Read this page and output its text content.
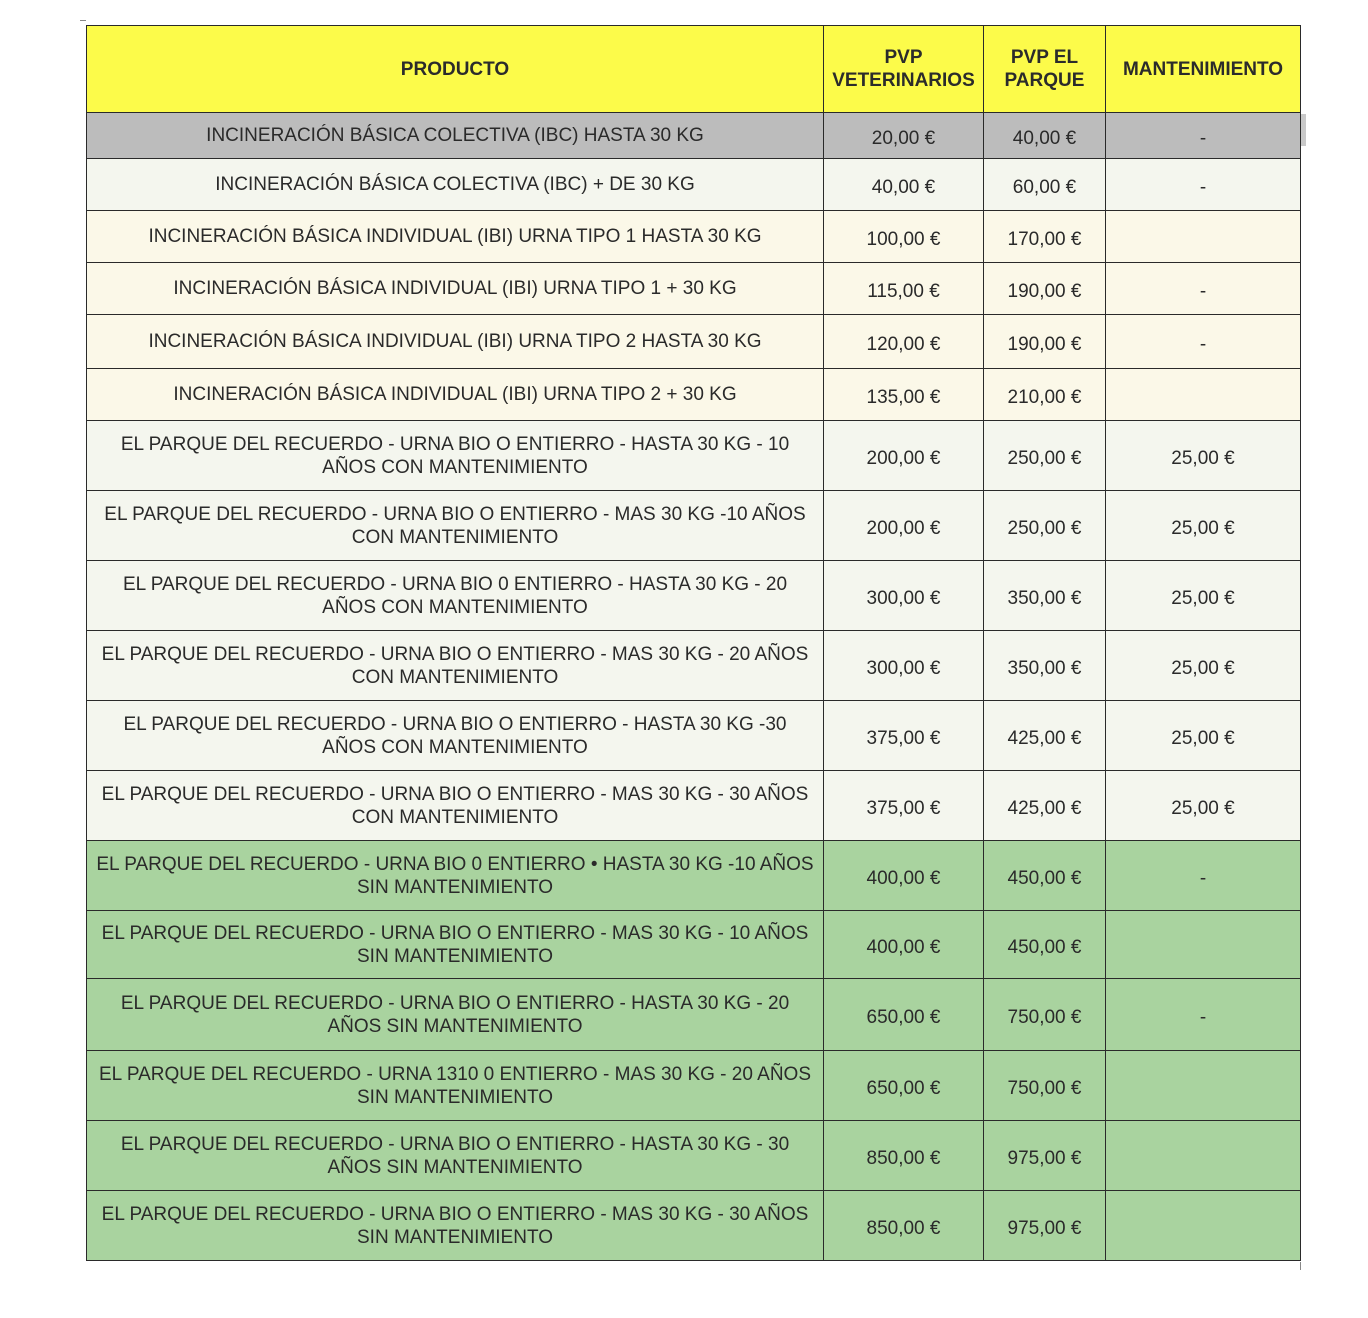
PRODUCTO	PVP VETERINARIOS	PVP EL PARQUE	MANTENIMIENTO
INCINERACIÓN BÁSICA COLECTIVA (IBC) HASTA 30 KG	20,00 €	40,00 €	-
INCINERACIÓN BÁSICA COLECTIVA (IBC) + DE 30 KG	40,00 €	60,00 €	-
INCINERACIÓN BÁSICA INDIVIDUAL (IBI) URNA TIPO 1 HASTA 30 KG	100,00 €	170,00 €	
INCINERACIÓN BÁSICA INDIVIDUAL (IBI) URNA TIPO 1 + 30 KG	115,00 €	190,00 €	-
INCINERACIÓN BÁSICA INDIVIDUAL (IBI) URNA TIPO 2 HASTA 30 KG	120,00 €	190,00 €	-
INCINERACIÓN BÁSICA INDIVIDUAL (IBI) URNA TIPO 2 + 30 KG	135,00 €	210,00 €	
EL PARQUE DEL RECUERDO - URNA BIO O ENTIERRO - HASTA 30 KG - 10 AÑOS CON MANTENIMIENTO	200,00 €	250,00 €	25,00 €
EL PARQUE DEL RECUERDO - URNA BIO O ENTIERRO - MAS 30 KG -10 AÑOS CON MANTENIMIENTO	200,00 €	250,00 €	25,00 €
EL PARQUE DEL RECUERDO - URNA BIO 0 ENTIERRO - HASTA 30 KG - 20 AÑOS CON MANTENIMIENTO	300,00 €	350,00 €	25,00 €
EL PARQUE DEL RECUERDO - URNA BIO O ENTIERRO - MAS 30 KG - 20 AÑOS CON MANTENIMIENTO	300,00 €	350,00 €	25,00 €
EL PARQUE DEL RECUERDO - URNA BIO O ENTIERRO - HASTA 30 KG -30 AÑOS CON MANTENIMIENTO	375,00 €	425,00 €	25,00 €
EL PARQUE DEL RECUERDO - URNA BIO O ENTIERRO - MAS 30 KG - 30 AÑOS CON MANTENIMIENTO	375,00 €	425,00 €	25,00 €
EL PARQUE DEL RECUERDO - URNA BIO 0 ENTIERRO • HASTA 30 KG -10 AÑOS SIN MANTENIMIENTO	400,00 €	450,00 €	-
EL PARQUE DEL RECUERDO - URNA BIO O ENTIERRO - MAS 30 KG - 10 AÑOS SIN MANTENIMIENTO	400,00 €	450,00 €	
EL PARQUE DEL RECUERDO - URNA BIO O ENTIERRO - HASTA 30 KG - 20 AÑOS SIN MANTENIMIENTO	650,00 €	750,00 €	-
EL PARQUE DEL RECUERDO - URNA 1310 0 ENTIERRO - MAS 30 KG - 20 AÑOS SIN MANTENIMIENTO	650,00 €	750,00 €	
EL PARQUE DEL RECUERDO - URNA BIO O ENTIERRO - HASTA 30 KG - 30 AÑOS SIN MANTENIMIENTO	850,00 €	975,00 €	
EL PARQUE DEL RECUERDO - URNA BIO O ENTIERRO - MAS 30 KG - 30 AÑOS SIN MANTENIMIENTO	850,00 €	975,00 €	
